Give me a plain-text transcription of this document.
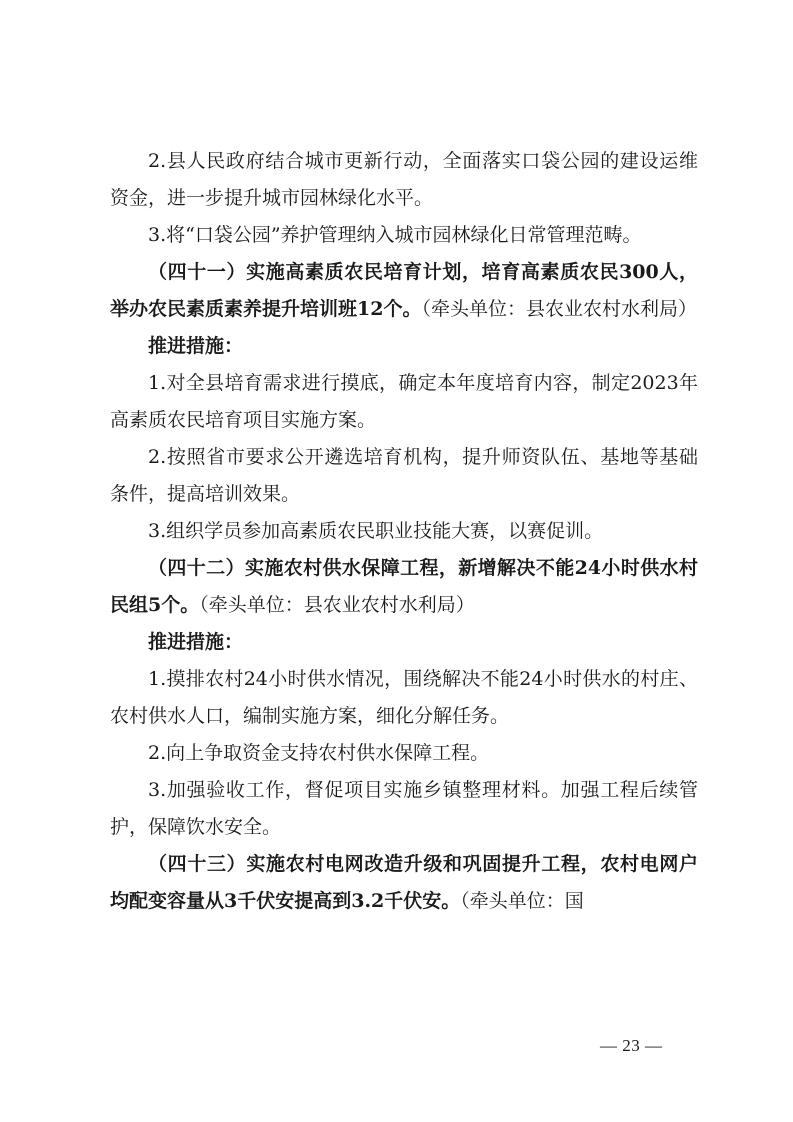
2.县人民政府结合城市更新行动，全面落实口袋公园的建设运维资金，进一步提升城市园林绿化水平。

3.将“口袋公园”养护管理纳入城市园林绿化日常管理范畴。

（四十一）实施高素质农民培育计划，培育高素质农民300人，举办农民素质素养提升培训班12个。（牵头单位：县农业农村水利局）

推进措施：

1.对全县培育需求进行摸底，确定本年度培育内容，制定2023年高素质农民培育项目实施方案。

2.按照省市要求公开遴选培育机构，提升师资队伍、基地等基础条件，提高培训效果。

3.组织学员参加高素质农民职业技能大赛，以赛促训。

（四十二）实施农村供水保障工程，新增解决不能24小时供水村民组5个。（牵头单位：县农业农村水利局）

推进措施：

1.摸排农村24小时供水情况，围绕解决不能24小时供水的村庄、农村供水人口，编制实施方案，细化分解任务。

2.向上争取资金支持农村供水保障工程。

3.加强验收工作，督促项目实施乡镇整理材料。加强工程后续管护，保障饮水安全。

（四十三）实施农村电网改造升级和巩固提升工程，农村电网户均配变容量从3千伏安提高到3.2千伏安。（牵头单位：国

— 23 —
